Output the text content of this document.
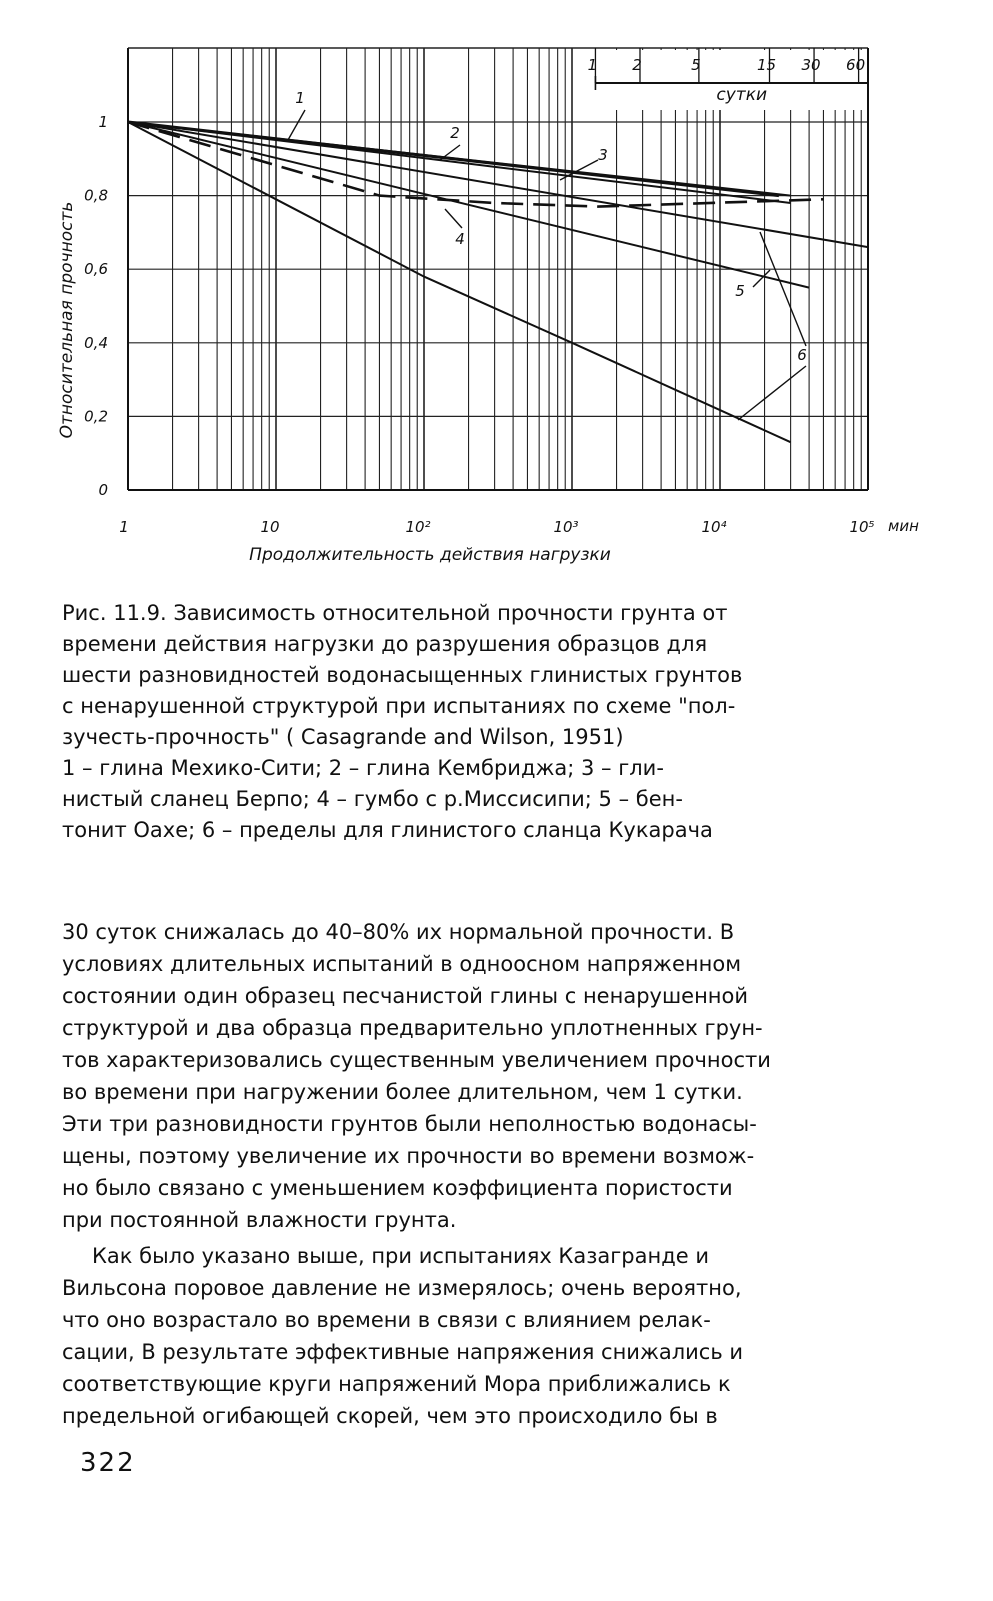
1 2	5	15 30 60
сутки
1
2
3
4
5
6
1
0,8
0,6
0,4
0,2
0
1	10	10²	10³	10⁴	10⁵ мин
Продолжительность действия нагрузки
Относительная прочность
Рис. 11.9. Зависимость относительной прочности грунта от
времени действия нагрузки до разрушения образцов для
шести разновидностей водонасыщенных глинистых грунтов
с ненарушенной структурой при испытаниях по схеме "пол-
зучесть-прочность" ( Casagrande and Wilson, 1951)
1 – глина Мехико-Сити; 2 – глина Кембриджа; 3 – гли-
нистый сланец Берпо; 4 – гумбо с р.Миссисипи; 5 – бен-
тонит Оахе; 6 – пределы для глинистого сланца Кукарача
30 суток снижалась до 40–80% их нормальной прочности. В
условиях длительных испытаний в одноосном напряженном
состоянии один образец песчанистой глины с ненарушенной
структурой и два образца предварительно уплотненных грун-
тов характеризовались существенным увеличением прочности
во времени при нагружении более длительном, чем 1 сутки.
Эти три разновидности грунтов были неполностью водонасы-
щены, поэтому увеличение их прочности во времени возмож-
но было связано с уменьшением коэффициента пористости
при постоянной влажности грунта.
Как было указано выше, при испытаниях Казагранде и
Вильсона поровое давление не измерялось; очень вероятно,
что оно возрастало во времени в связи с влиянием релак-
сации, В результате эффективные напряжения снижались и
соответствующие круги напряжений Мора приближались к
предельной огибающей скорей, чем это происходило бы в
322
